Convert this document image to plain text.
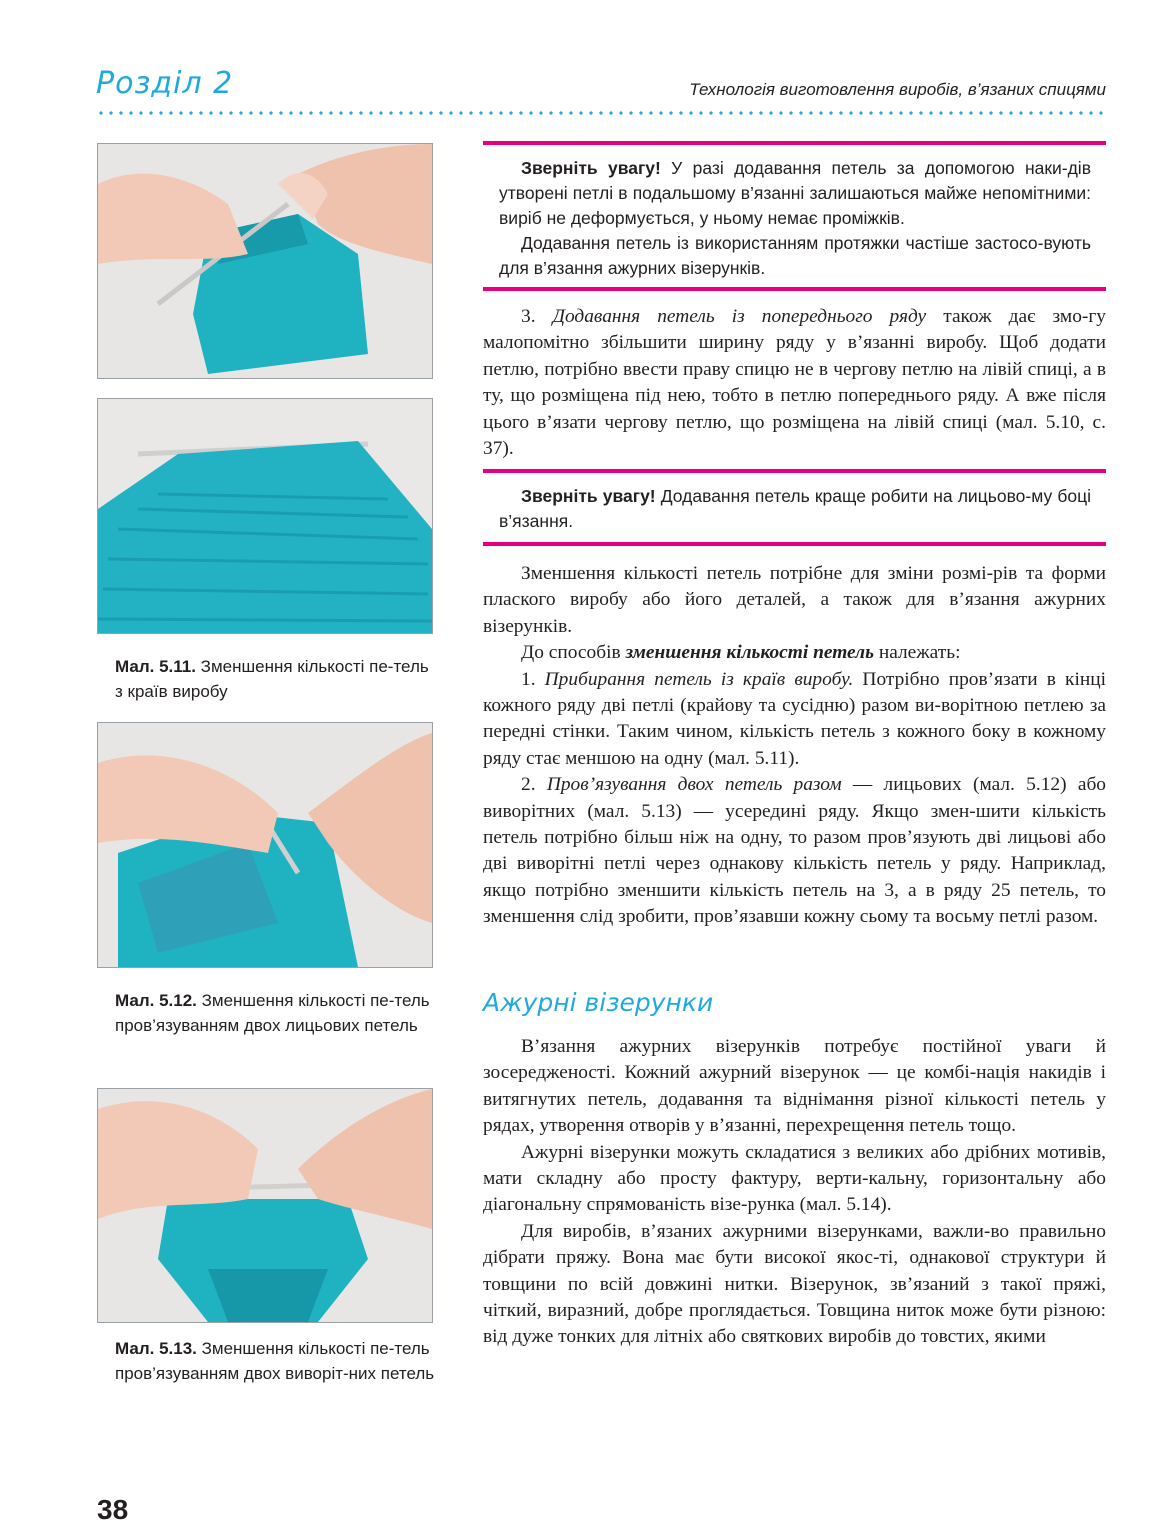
Розділ 2	Технологія виготовлення виробів, в’язаних спицями
Мал. 5.11. Зменшення кількості пе-тель з країв виробу
Мал. 5.12. Зменшення кількості пе-тель пров’язуванням двох лицьових петель
Мал. 5.13. Зменшення кількості пе-тель пров’язуванням двох виворіт-них петель

Зверніть увагу! У разі додавання петель за допомогою наки-дів утворені петлі в подальшому в’язанні залишаються майже непомітними: виріб не деформується, у ньому немає проміжків.

Додавання петель із використанням протяжки частіше застосо-вують для в’язання ажурних візерунків.

3. Додавання петель із попереднього ряду також дає змо-гу малопомітно збільшити ширину ряду у в’язанні виробу. Щоб додати петлю, потрібно ввести праву спицю не в чергову петлю на лівій спиці, а в ту, що розміщена під нею, тобто в петлю попереднього ряду. А вже після цього в’язати чергову петлю, що розміщена на лівій спиці (мал. 5.10, с. 37).

Зверніть увагу! Додавання петель краще робити на лицьово-му боці в’язання.

Зменшення кількості петель потрібне для зміни розмі-рів та форми плаского виробу або його деталей, а також для в’язання ажурних візерунків.

До способів зменшення кількості петель належать:

1. Прибирання петель із країв виробу. Потрібно пров’язати в кінці кожного ряду дві петлі (крайову та сусідню) разом ви-ворітною петлею за передні стінки. Таким чином, кількість петель з кожного боку в кожному ряду стає меншою на одну (мал. 5.11).

2. Пров’язування двох петель разом — лицьових (мал. 5.12) або виворітних (мал. 5.13) — усередині ряду. Якщо змен-шити кількість петель потрібно більш ніж на одну, то разом пров’язують дві лицьові або дві виворітні петлі через однакову кількість петель у ряду. Наприклад, якщо потрібно зменшити кількість петель на 3, а в ряду 25 петель, то зменшення слід зробити, пров’язавши кожну сьому та восьму петлі разом.

Ажурні візерунки

В’язання ажурних візерунків потребує постійної уваги й зосередженості. Кожний ажурний візерунок — це комбі-нація накидів і витягнутих петель, додавання та віднімання різної кількості петель у рядах, утворення отворів у в’язанні, перехрещення петель тощо.

Ажурні візерунки можуть складатися з великих або дрібних мотивів, мати складну або просту фактуру, верти-кальну, горизонтальну або діагональну спрямованість візе-рунка (мал. 5.14).

Для виробів, в’язаних ажурними візерунками, важли-во правильно дібрати пряжу. Вона має бути високої якос-ті, однакової структури й товщини по всій довжині нитки. Візерунок, зв’язаний з такої пряжі, чіткий, виразний, добре проглядається. Товщина ниток може бути різною: від дуже тонких для літніх або святкових виробів до товстих, якими

38
